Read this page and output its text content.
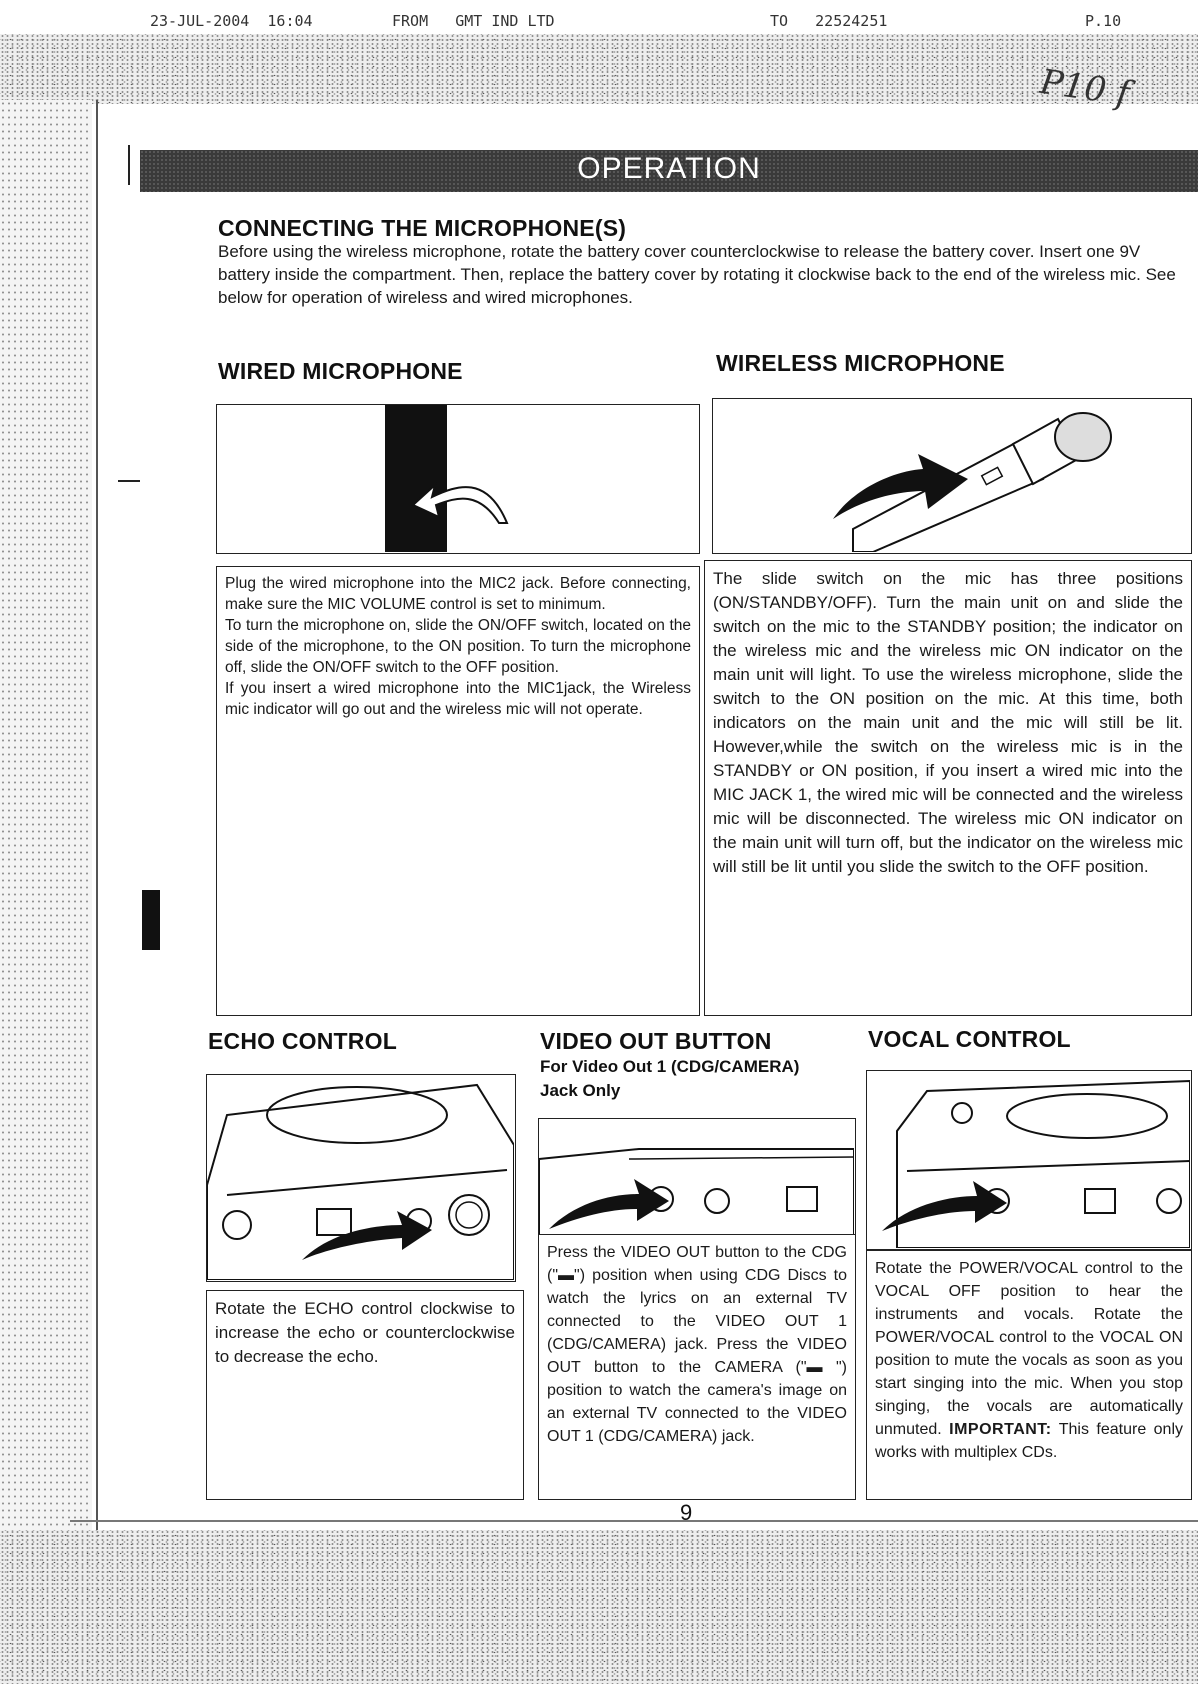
23-JUL-2004  16:04	FROM   GMT IND LTD	TO   22524251	P.10
P10 f
OPERATION
CONNECTING THE MICROPHONE(S)

Before using the wireless microphone, rotate the battery cover counterclockwise to release the battery cover. Insert one 9V battery inside the compartment. Then, replace the battery cover by rotating it clockwise back to the end of the wireless mic. See below for operation of wireless and wired microphones.

WIRED MICROPHONE	WIRELESS MICROPHONE

Plug the wired microphone into the MIC2 jack. Before connecting, make sure the MIC VOLUME control is set to minimum.

To turn the microphone on, slide the ON/OFF switch, located on the side of the microphone, to the ON position. To turn the microphone off, slide the ON/OFF switch to the OFF position.

If you insert a wired microphone into the MIC1jack, the Wireless mic indicator will go out and the wireless mic will not operate.

The slide switch on the mic has three positions (ON/STANDBY/OFF). Turn the main unit on and slide the switch on the mic to the STANDBY position; the indicator on the wireless mic and the wireless mic ON indicator on the main unit will light. To use the wireless microphone, slide the switch to the ON position on the mic. At this time, both indicators on the main unit and the mic will still be lit. However,while the switch on the wireless mic is in the STANDBY or ON position, if you insert a wired mic into the MIC JACK 1, the wired mic will be connected and the wireless mic will be disconnected. The wireless mic ON indicator on the main unit will turn off, but the indicator on the wireless mic will still be lit until you slide the switch to the OFF position.

ECHO CONTROL	VIDEO OUT BUTTON

For Video Out 1 (CDG/CAMERA)

Jack Only

VOCAL CONTROL

Rotate the ECHO control clockwise to increase the echo or counterclockwise to decrease the echo.

Press the VIDEO OUT button to the CDG ("▬") position when using CDG Discs to watch the lyrics on an external TV connected to the VIDEO OUT 1 (CDG/CAMERA) jack. Press the VIDEO OUT button to the CAMERA ("▬ ") position to watch the camera's image on an external TV connected to the VIDEO OUT 1 (CDG/CAMERA) jack.

Rotate the POWER/VOCAL control to the VOCAL OFF position to hear the instruments and vocals. Rotate the POWER/VOCAL control to the VOCAL ON position to mute the vocals as soon as you start singing into the mic. When you stop singing, the vocals are automatically unmuted. IMPORTANT: This feature only works with multiplex CDs.

9
